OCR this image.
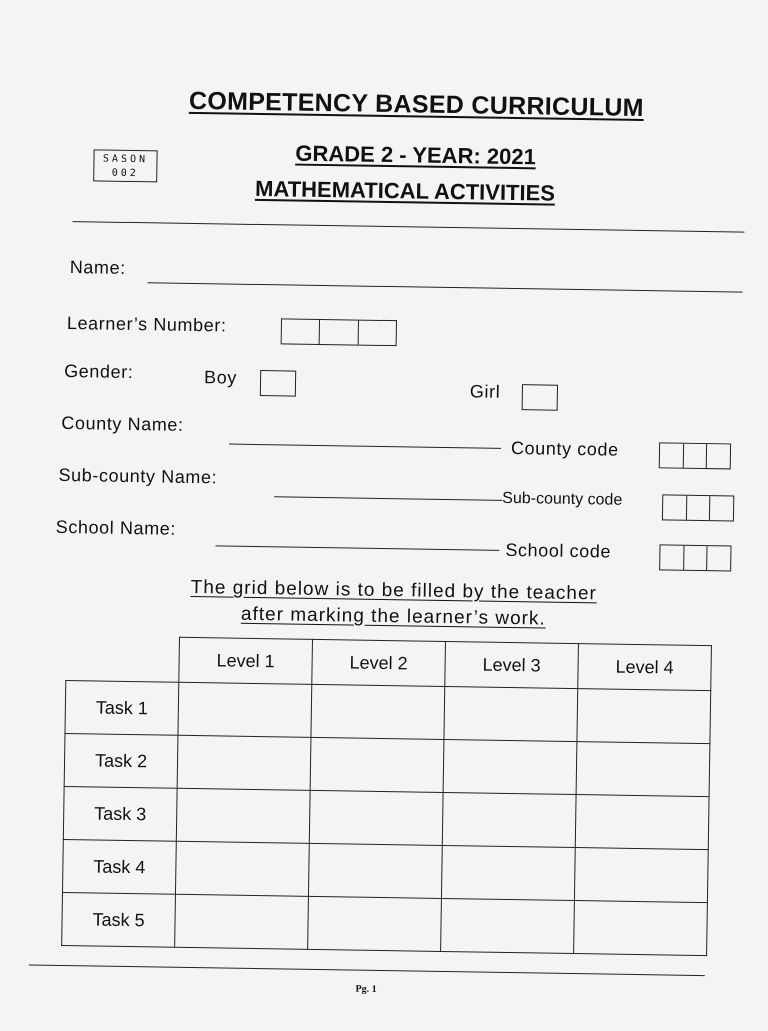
COMPETENCY BASED CURRICULUM
SASON
002
GRADE 2 - YEAR: 2021
MATHEMATICAL ACTIVITIES
Name:
Learner’s Number:
Gender:	Boy
Girl
County Name:
County code
Sub-county Name:
Sub-county code
School Name:
School code
The grid below is to be filled by the teacher
after marking the learner’s work.
	Level 1	Level 2	Level 3	Level 4
Task 1				
Task 2				
Task 3				
Task 4				
Task 5				
Pg. 1
